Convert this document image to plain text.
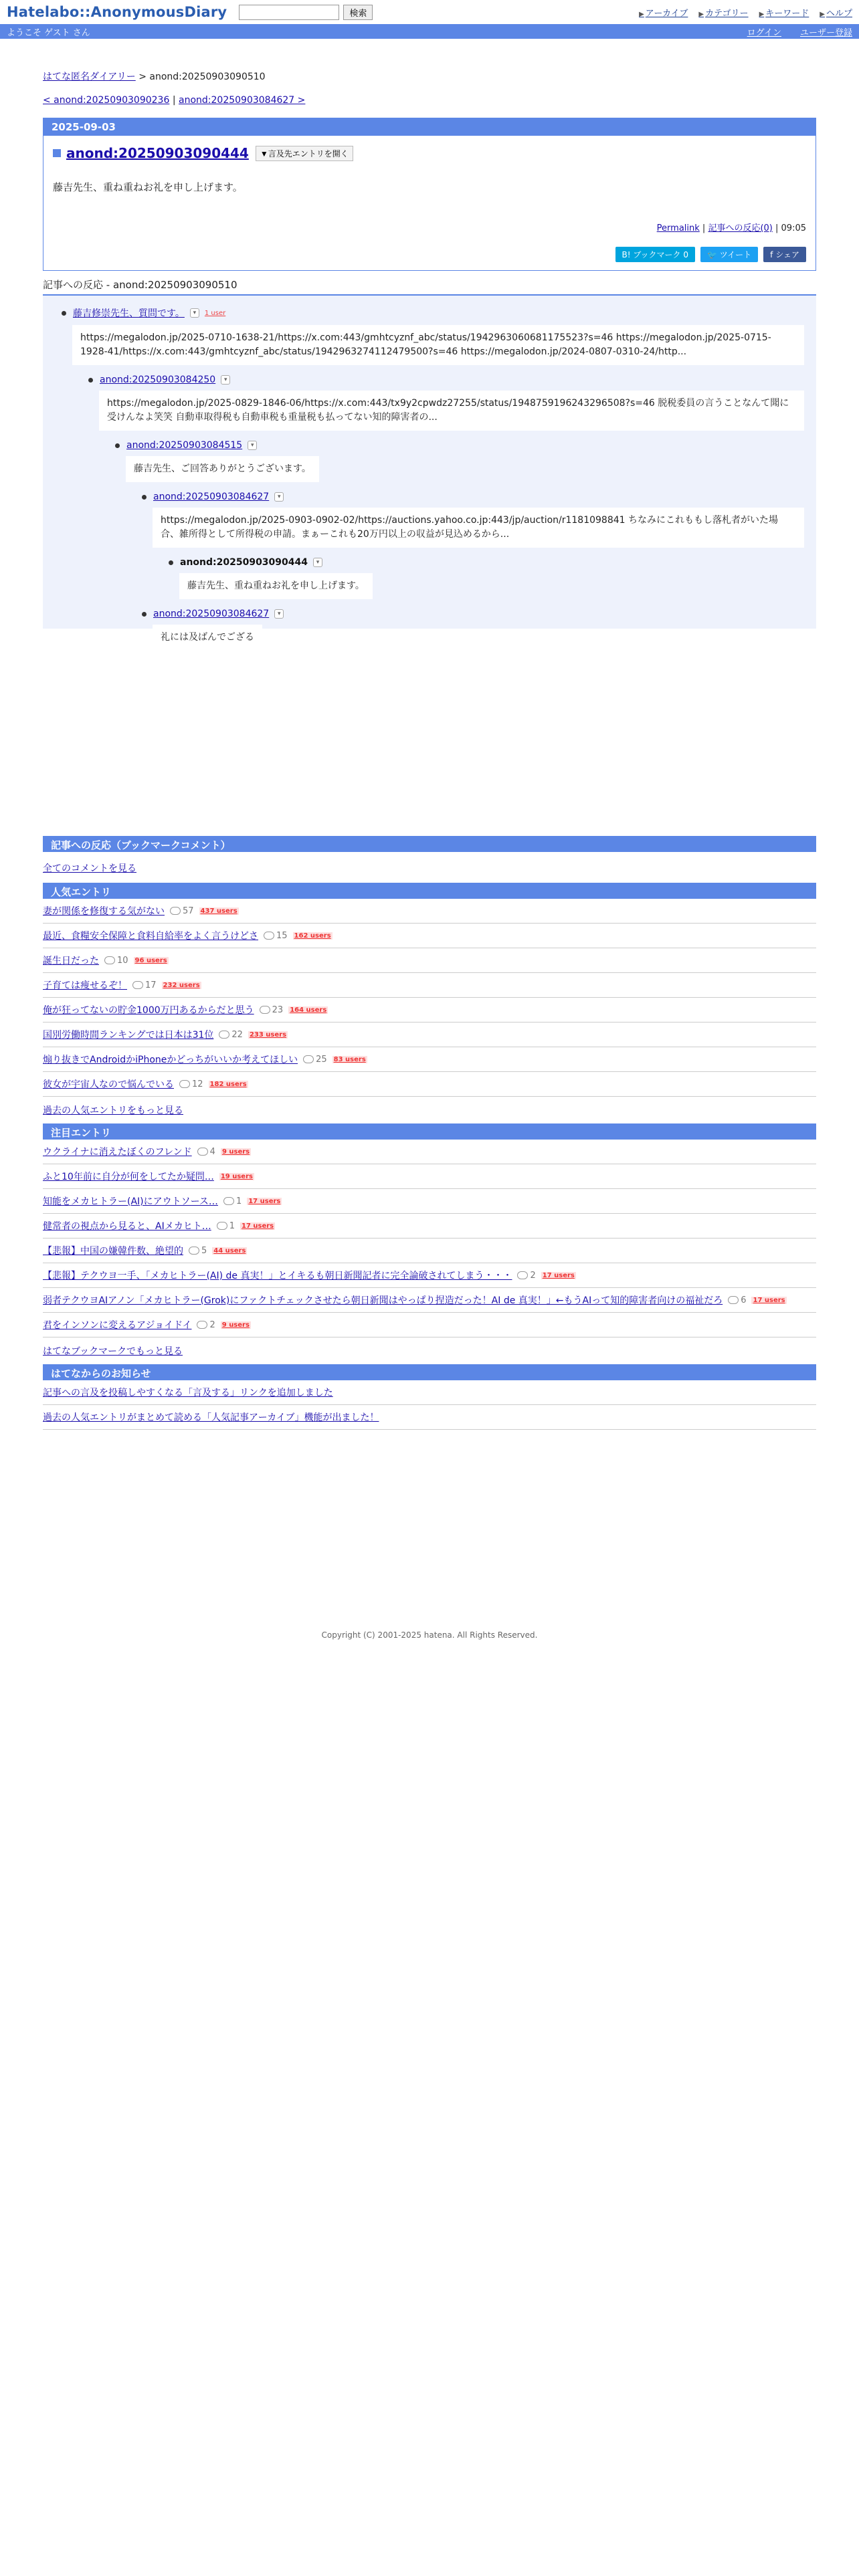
Hatelabo::AnonymousDiary	検索	▶ アーカイブ ▶ カテゴリー ▶ キーワード ▶ ヘルプ
ようこそ ゲスト さん	ログイン ユーザー登録
はてな匿名ダイアリー > anond:20250903090510
< anond:20250903090236 | anond:20250903084627 >
2025-09-03
anond:20250903090444	▼言及先エントリを開く
藤吉先生、重ね重ねお礼を申し上げます。
Permalink | 記事への反応(0) | 09:05
B! ブックマーク 0	🐦 ツイート	f シェア
記事への反応 - anond:20250903090510
藤吉修崇先生、質問です。	▾	1 user
https://megalodon.jp/2025-0710-1638-21/https://x.com:443/gmhtcyznf_abc/status/1942963060681175523?s=46 https://megalodon.jp/2025-0715-1928-41/https://x.com:443/gmhtcyznf_abc/status/1942963274112479500?s=46 https://megalodon.jp/2024-0807-0310-24/http...
anond:20250903084250	▾
https://megalodon.jp/2025-0829-1846-06/https://x.com:443/tx9y2cpwdz27255/status/1948759196243296508?s=46 脱税委員の言うことなんて聞に受けんなよ笑笑 自動車取得税も自動車税も重量税も払ってない知的障害者の...
anond:20250903084515	▾
藤吉先生、ご回答ありがとうございます。
anond:20250903084627	▾
https://megalodon.jp/2025-0903-0902-02/https://auctions.yahoo.co.jp:443/jp/auction/r1181098841 ちなみにこれももし落札者がいた場合、雑所得として所得税の申請。まぁーこれも20万円以上の収益が見込めるから...
anond:20250903090444	▾
藤吉先生、重ね重ねお礼を申し上げます。
anond:20250903084627	▾
礼には及ばんでござる
記事への反応（ブックマークコメント）
全てのコメントを見る
人気エントリ
妻が関係を修復する気がない 57 437 users
最近、食糧安全保障と食料自給率をよく言うけどさ 15 162 users
誕生日だった 10 96 users
子育ては痩せるぞ！ 17 232 users
俺が狂ってないの貯金1000万円あるからだと思う 23 164 users
国別労働時間ランキングでは日本は31位 22 233 users
煽り抜きでAndroidかiPhoneかどっちがいいか考えてほしい 25 83 users
彼女が宇宙人なので悩んでいる 12 182 users
過去の人気エントリをもっと見る
注目エントリ
ウクライナに消えたぼくのフレンド 4 9 users
ふと10年前に自分が何をしてたか疑問… 19 users
知能をメカヒトラー(AI)にアウトソース… 1 17 users
健常者の視点から見ると、AIメカヒト… 1 17 users
【悲報】中国の嫌韓件数、絶望的 5 44 users
【悲報】テクウヨ一手、「メカヒトラー(AI) de 真実！」とイキるも朝日新聞記者に完全論破されてしまう・・・ 2 17 users
弱者テクウヨAIアノン「メカヒトラー(Grok)にファクトチェックさせたら朝日新聞はやっぱり捏造だった！AI de 真実！」←もうAIって知的障害者向けの福祉だろ 6 17 users
君をインソンに変えるアジョイドイ 2 9 users
はてなブックマークでもっと見る
はてなからのお知らせ
記事への言及を投稿しやすくなる「言及する」リンクを追加しました
過去の人気エントリがまとめて読める「人気記事アーカイブ」機能が出ました！
Copyright (C) 2001-2025 hatena. All Rights Reserved.
